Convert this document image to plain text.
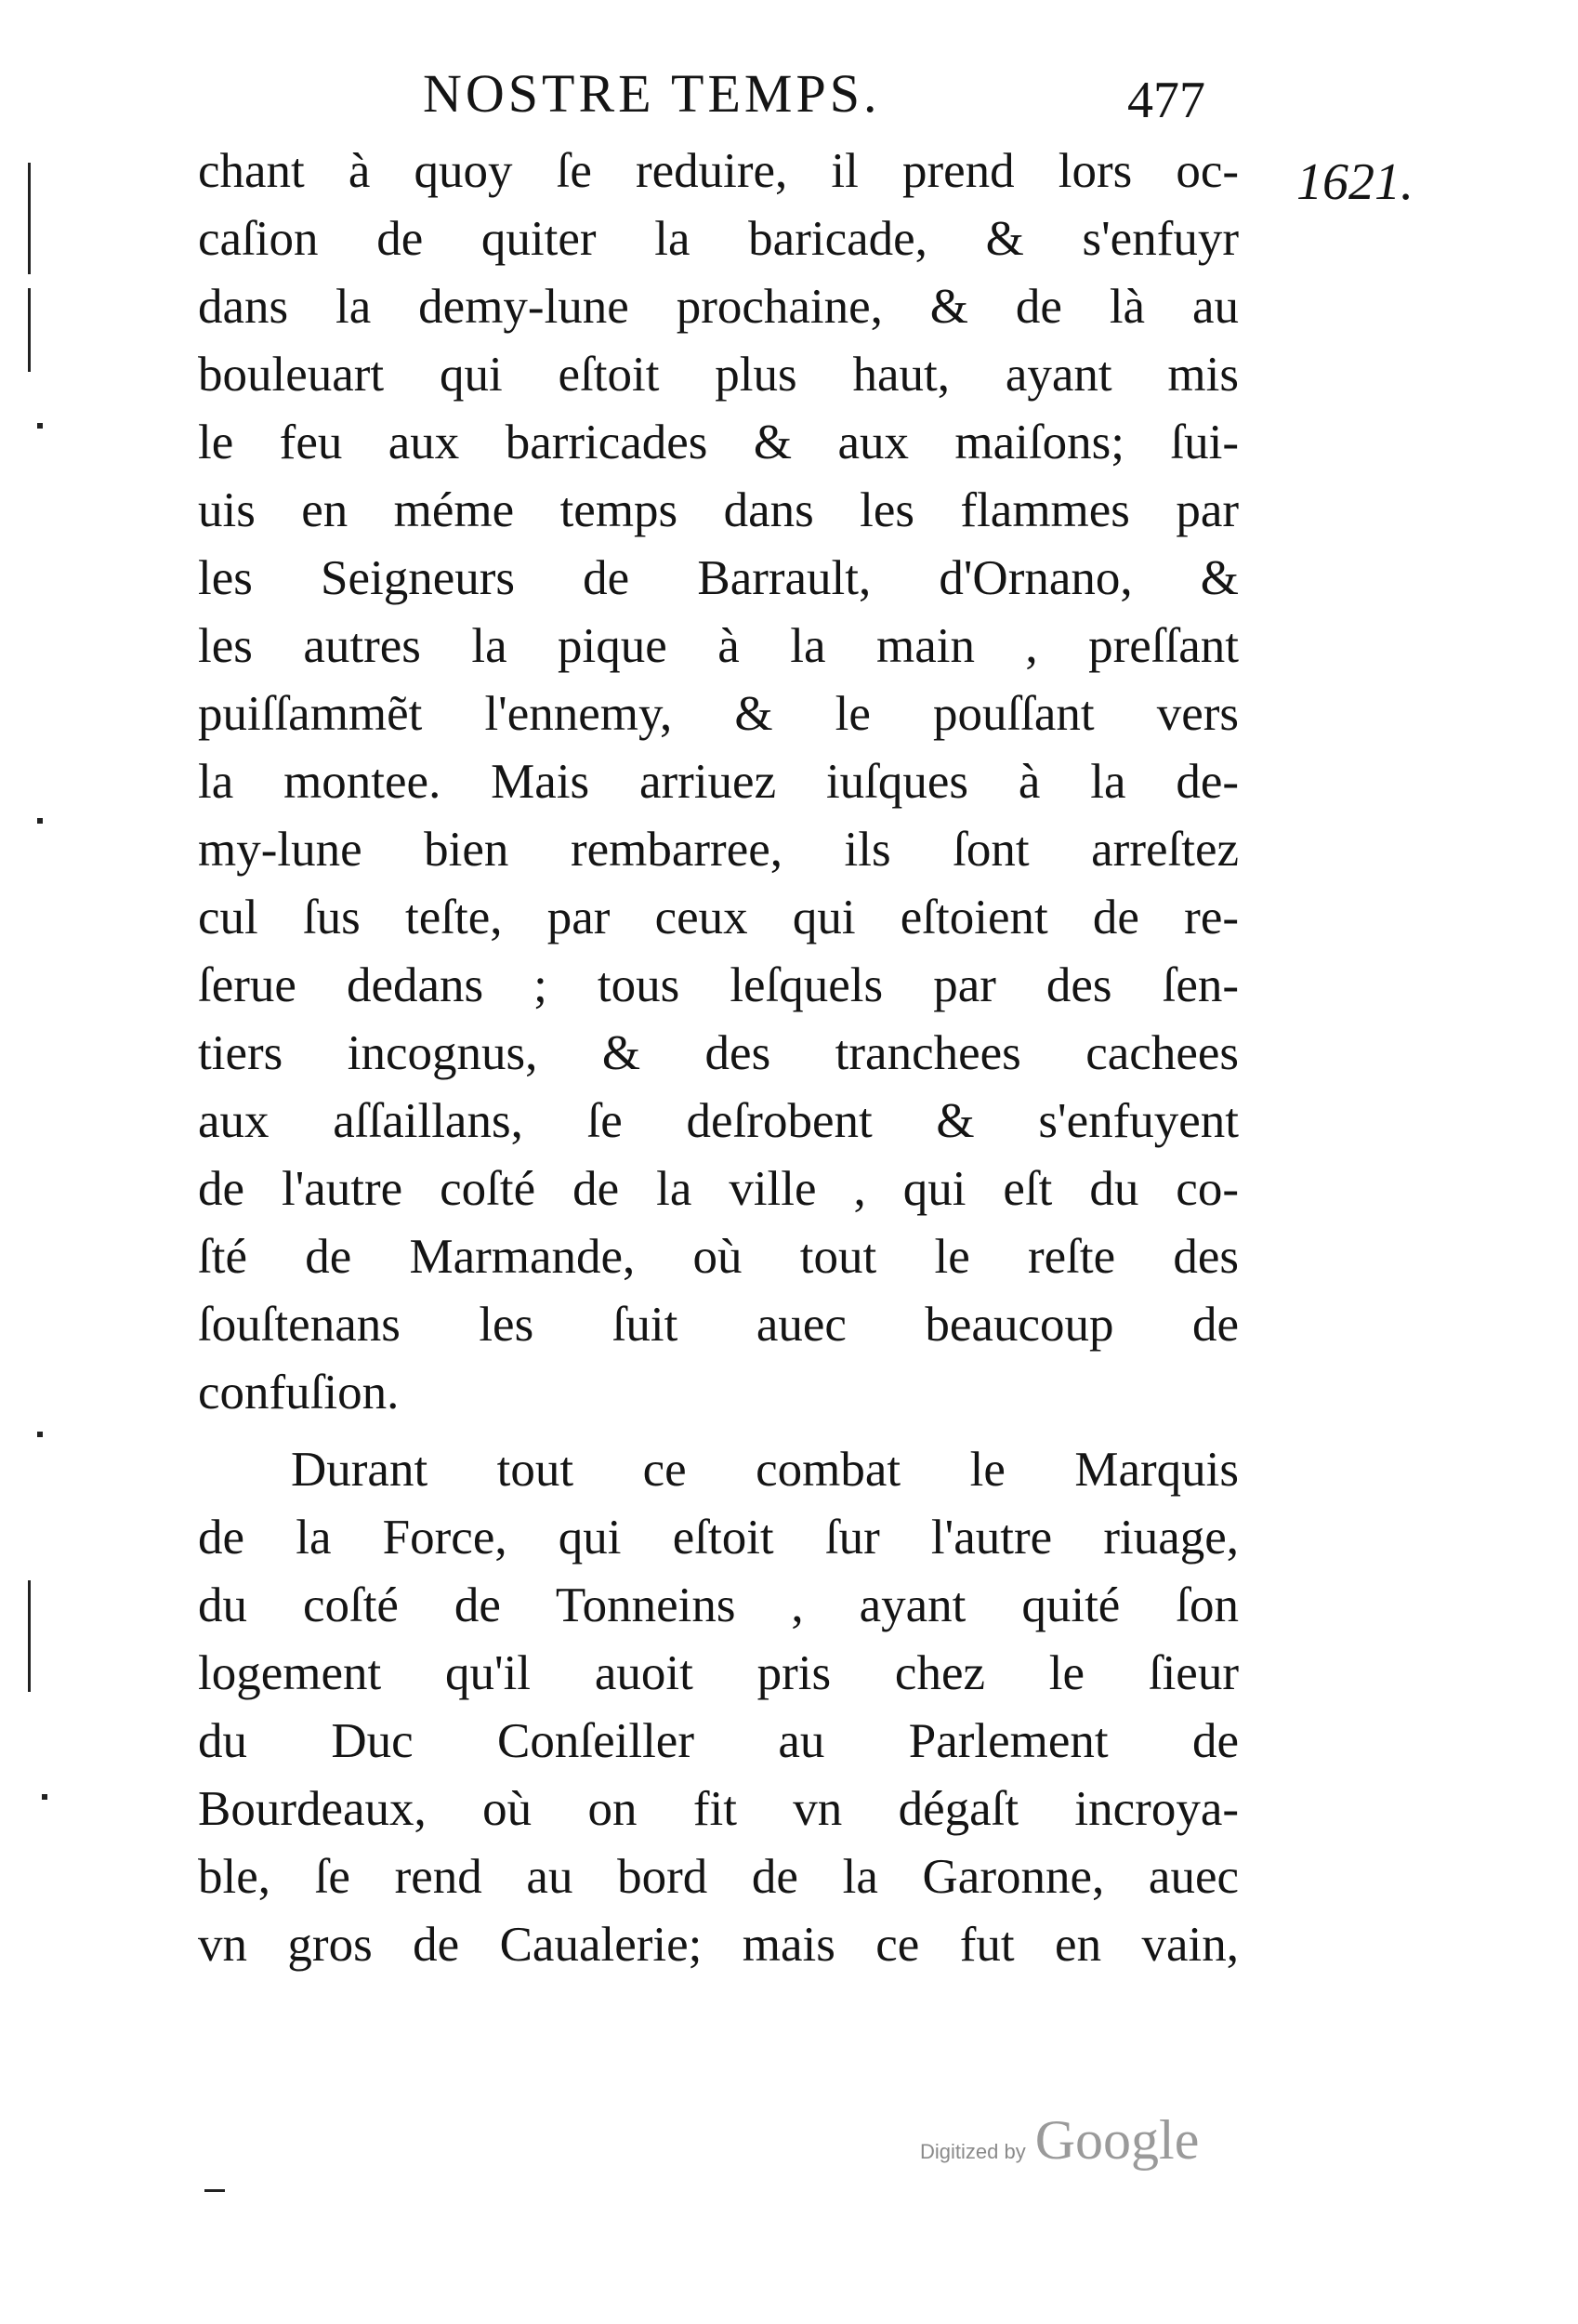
NOSTRE TEMPS.	477
1621.
chant à quoy ſe reduire, il prend lors oc-
caſion de quiter la baricade, & s'enfuyr
dans la demy-lune prochaine, & de là au
bouleuart qui eſtoit plus haut, ayant mis
le feu aux barricades & aux maiſons; ſui-
uis en méme temps dans les flammes par
les Seigneurs de Barrault, d'Ornano, &
les autres la pique à la main , preſſant
puiſſammẽt l'ennemy, & le pouſſant vers
la montee. Mais arriuez iuſques à la de-
my-lune bien rembarree, ils ſont arreſtez
cul ſus teſte, par ceux qui eſtoient de re-
ſerue dedans ; tous leſquels par des ſen-
tiers incognus, & des tranchees cachees
aux aſſaillans, ſe deſrobent & s'enfuyent
de l'autre coſté de la ville , qui eſt du co-
ſté de Marmande, où tout le reſte des
ſouſtenans les ſuit auec beaucoup de
confuſion.
Durant tout ce combat le Marquis
de la Force, qui eſtoit ſur l'autre riuage,
du coſté de Tonneins , ayant quité ſon
logement qu'il auoit pris chez le ſieur
du Duc Conſeiller au Parlement de
Bourdeaux, où on fit vn dégaſt incroya-
ble, ſe rend au bord de la Garonne, auec
vn gros de Caualerie; mais ce fut en vain,
Digitized by Google
